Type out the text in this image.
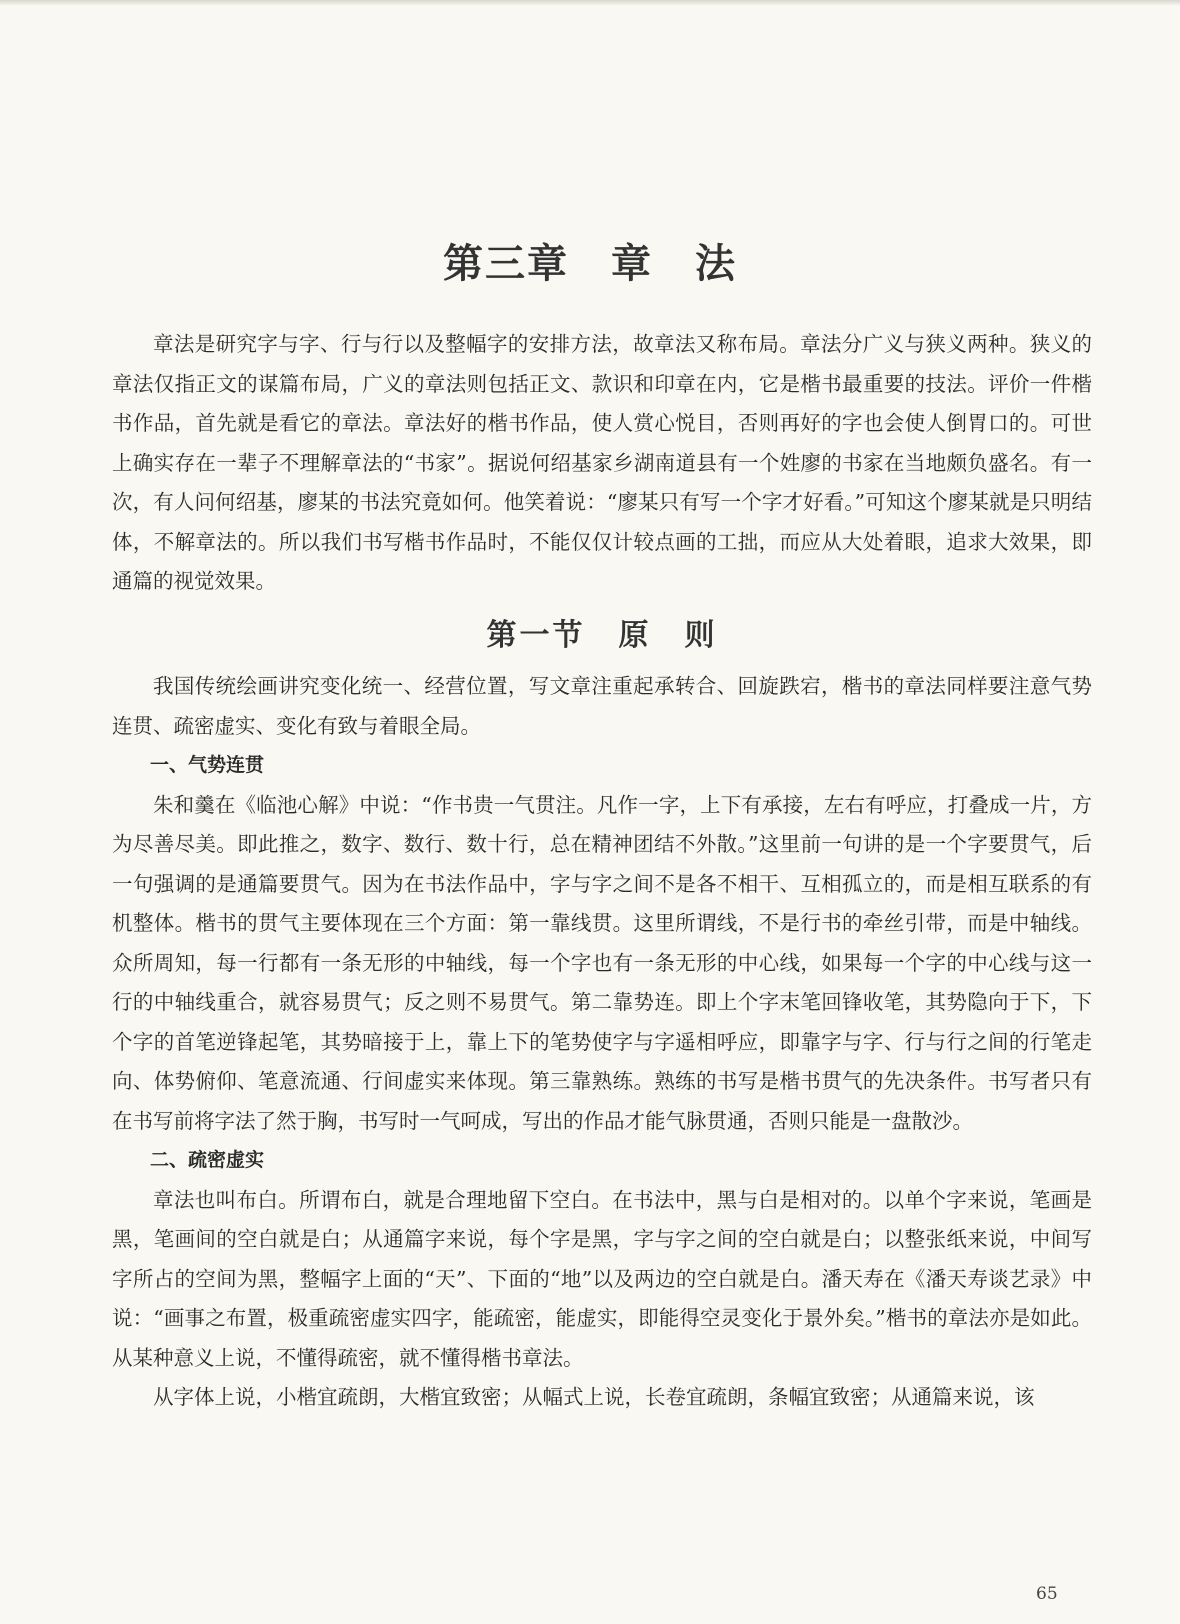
第三章　章　法

章法是研究字与字、行与行以及整幅字的安排方法，故章法又称布局。章法分广义与狭义两种。狭义的章法仅指正文的谋篇布局，广义的章法则包括正文、款识和印章在内，它是楷书最重要的技法。评价一件楷书作品，首先就是看它的章法。章法好的楷书作品，使人赏心悦目，否则再好的字也会使人倒胃口的。可世上确实存在一辈子不理解章法的“书家”。据说何绍基家乡湖南道县有一个姓廖的书家在当地颇负盛名。有一次，有人问何绍基，廖某的书法究竟如何。他笑着说：“廖某只有写一个字才好看。”可知这个廖某就是只明结体，不解章法的。所以我们书写楷书作品时，不能仅仅计较点画的工拙，而应从大处着眼，追求大效果，即通篇的视觉效果。

第一节　原　则

我国传统绘画讲究变化统一、经营位置，写文章注重起承转合、回旋跌宕，楷书的章法同样要注意气势连贯、疏密虚实、变化有致与着眼全局。

一、气势连贯

朱和羹在《临池心解》中说：“作书贵一气贯注。凡作一字，上下有承接，左右有呼应，打叠成一片，方为尽善尽美。即此推之，数字、数行、数十行，总在精神团结不外散。”这里前一句讲的是一个字要贯气，后一句强调的是通篇要贯气。因为在书法作品中，字与字之间不是各不相干、互相孤立的，而是相互联系的有机整体。楷书的贯气主要体现在三个方面：第一靠线贯。这里所谓线，不是行书的牵丝引带，而是中轴线。众所周知，每一行都有一条无形的中轴线，每一个字也有一条无形的中心线，如果每一个字的中心线与这一行的中轴线重合，就容易贯气；反之则不易贯气。第二靠势连。即上个字末笔回锋收笔，其势隐向于下，下个字的首笔逆锋起笔，其势暗接于上，靠上下的笔势使字与字遥相呼应，即靠字与字、行与行之间的行笔走向、体势俯仰、笔意流通、行间虚实来体现。第三靠熟练。熟练的书写是楷书贯气的先决条件。书写者只有在书写前将字法了然于胸，书写时一气呵成，写出的作品才能气脉贯通，否则只能是一盘散沙。

二、疏密虚实

章法也叫布白。所谓布白，就是合理地留下空白。在书法中，黑与白是相对的。以单个字来说，笔画是黑，笔画间的空白就是白；从通篇字来说，每个字是黑，字与字之间的空白就是白；以整张纸来说，中间写字所占的空间为黑，整幅字上面的“天”、下面的“地”以及两边的空白就是白。潘天寿在《潘天寿谈艺录》中说：“画事之布置，极重疏密虚实四字，能疏密，能虚实，即能得空灵变化于景外矣。”楷书的章法亦是如此。从某种意义上说，不懂得疏密，就不懂得楷书章法。

从字体上说，小楷宜疏朗，大楷宜致密；从幅式上说，长卷宜疏朗，条幅宜致密；从通篇来说，该

65
